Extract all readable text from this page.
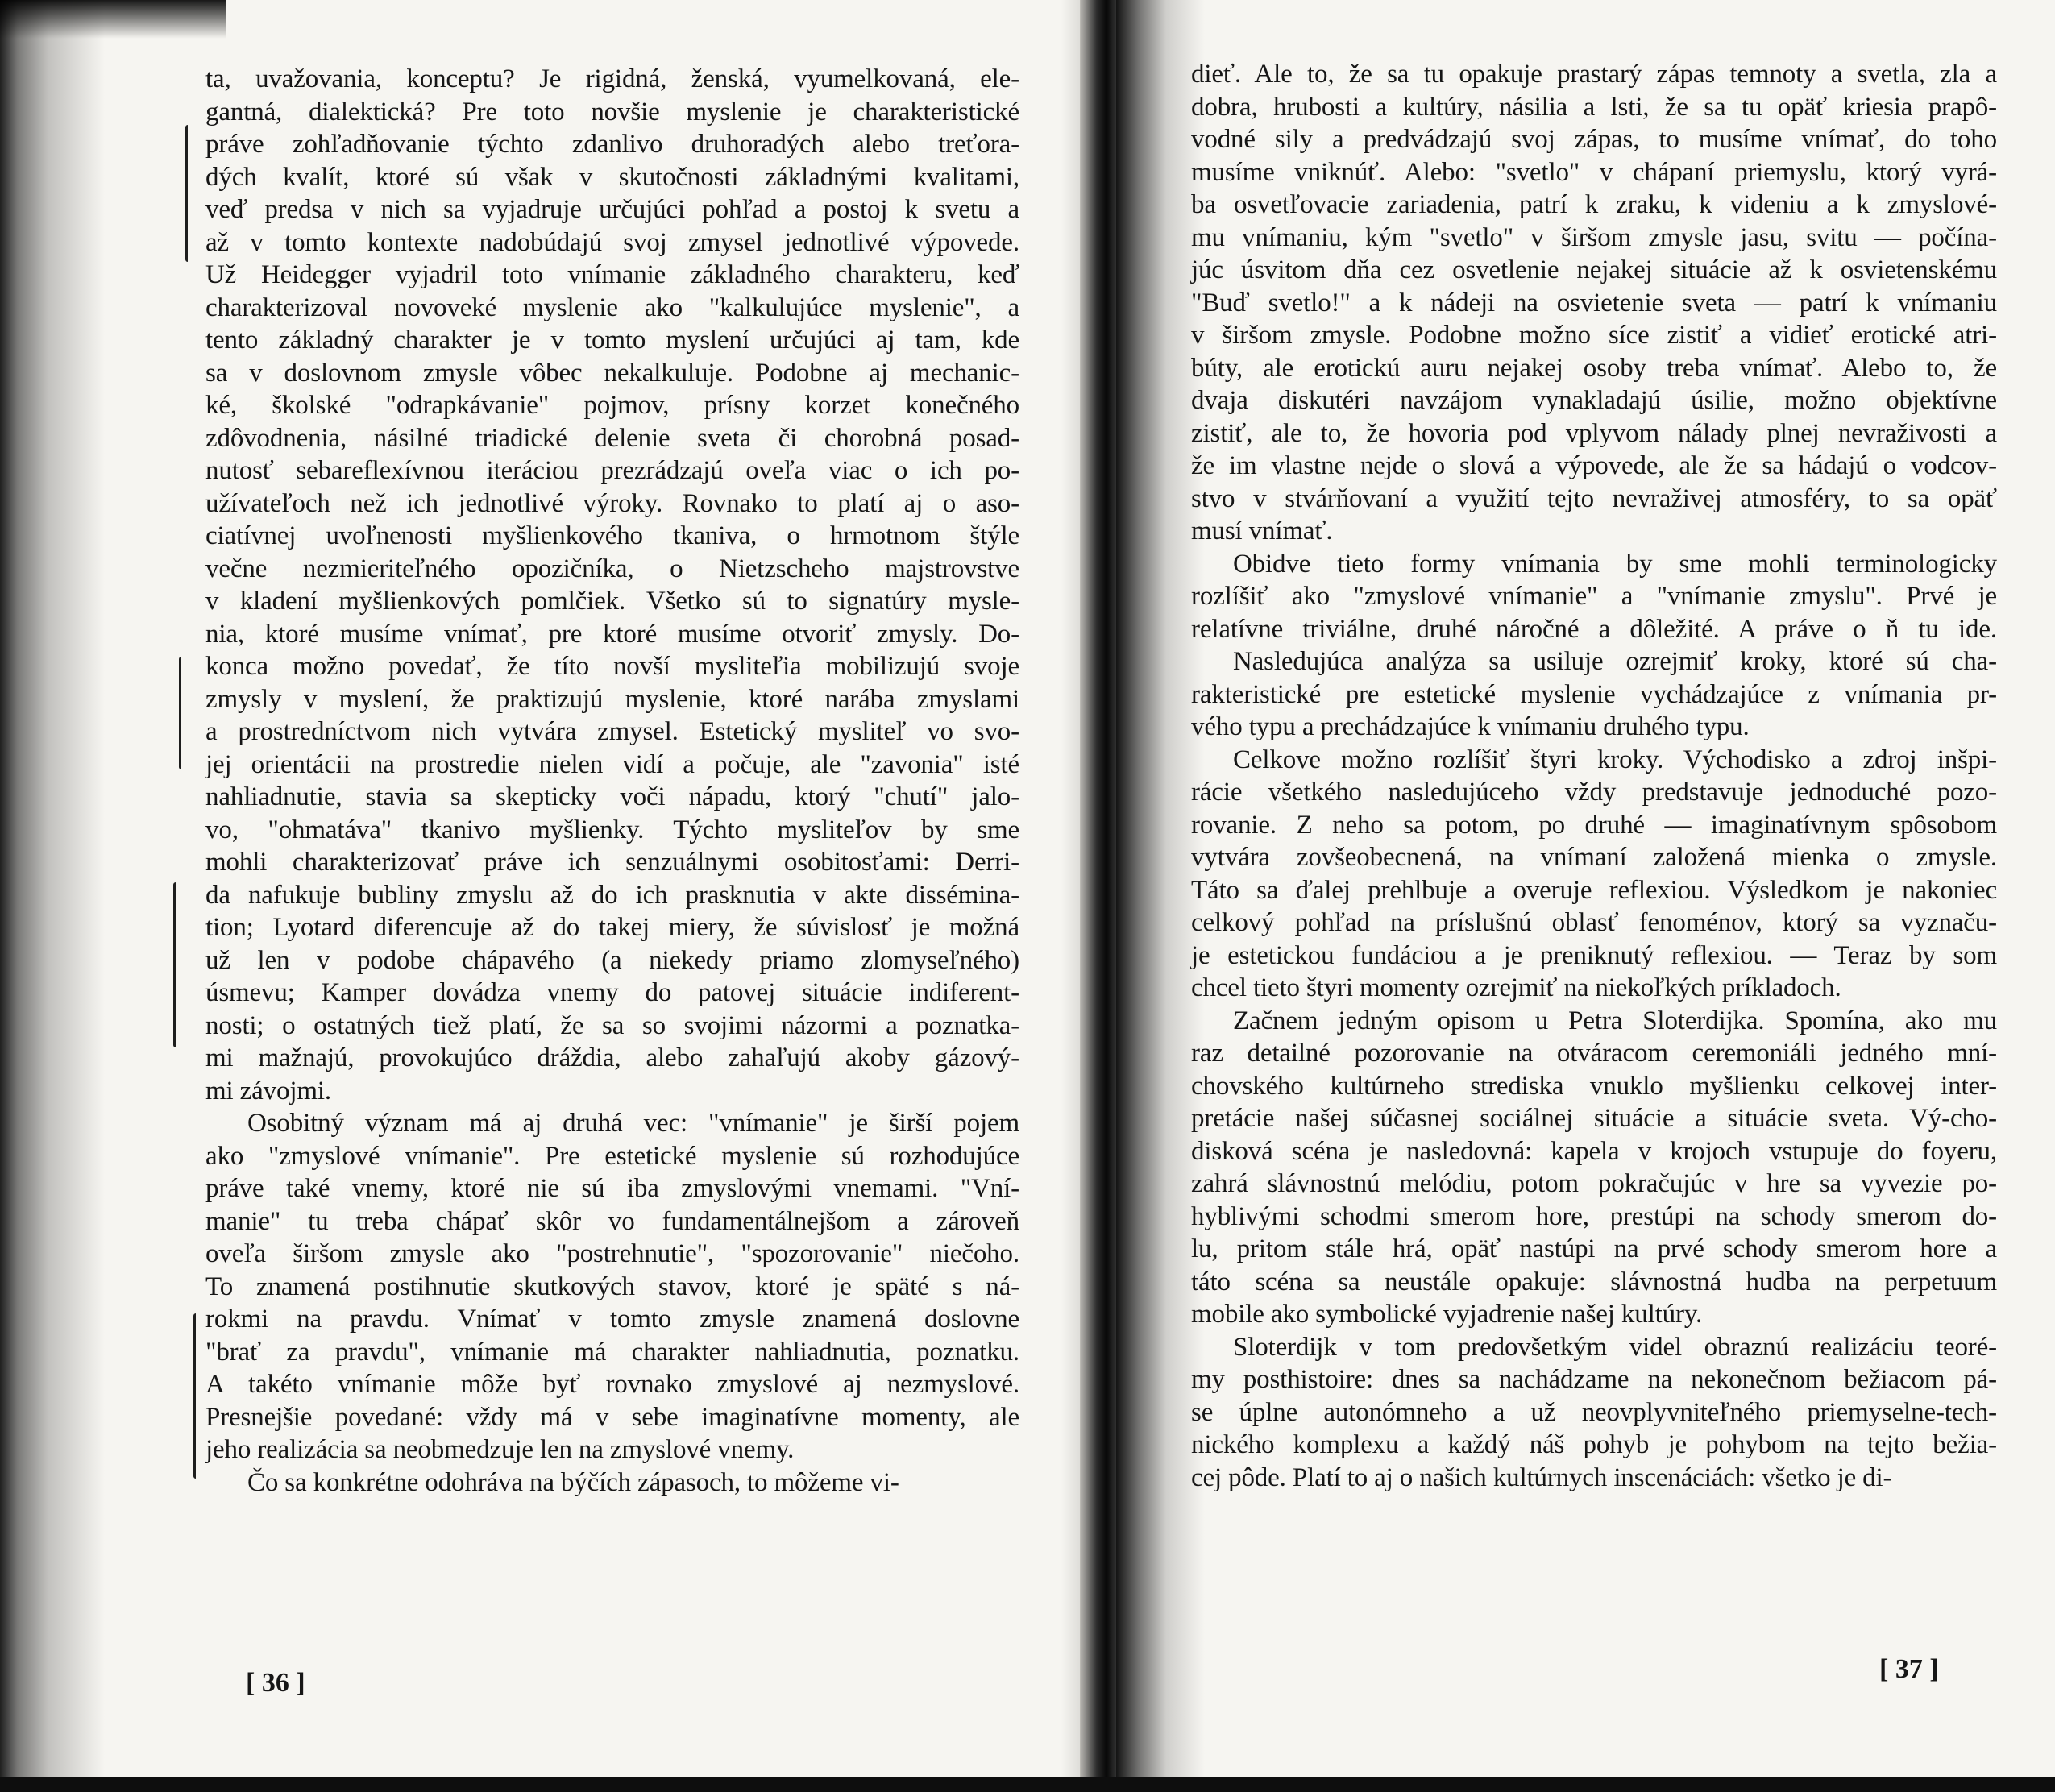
ta, uvažovania, konceptu? Je rigidná, ženská, vyumelkovaná, ele-
gantná, dialektická? Pre toto novšie myslenie je charakteristické
práve zohľadňovanie týchto zdanlivo druhoradých alebo treťora-
dých kvalít, ktoré sú však v skutočnosti základnými kvalitami,
veď predsa v nich sa vyjadruje určujúci pohľad a postoj k svetu a
až v tomto kontexte nadobúdajú svoj zmysel jednotlivé výpovede.
Už Heidegger vyjadril toto vnímanie základného charakteru, keď
charakterizoval novoveké myslenie ako "kalkulujúce myslenie", a
tento základný charakter je v tomto myslení určujúci aj tam, kde
sa v doslovnom zmysle vôbec nekalkuluje. Podobne aj mechanic-
ké, školské "odrapkávanie" pojmov, prísny korzet konečného
zdôvodnenia, násilné triadické delenie sveta či chorobná posad-
nutosť sebareflexívnou iteráciou prezrádzajú oveľa viac o ich po-
užívateľoch než ich jednotlivé výroky. Rovnako to platí aj o aso-
ciatívnej uvoľnenosti myšlienkového tkaniva, o hrmotnom štýle
večne nezmieriteľného opozičníka, o Nietzscheho majstrovstve
v kladení myšlienkových pomlčiek. Všetko sú to signatúry mysle-
nia, ktoré musíme vnímať, pre ktoré musíme otvoriť zmysly. Do-
konca možno povedať, že títo novší mysliteľia mobilizujú svoje
zmysly v myslení, že praktizujú myslenie, ktoré narába zmyslami
a prostredníctvom nich vytvára zmysel. Estetický mysliteľ vo svo-
jej orientácii na prostredie nielen vidí a počuje, ale "zavonia" isté
nahliadnutie, stavia sa skepticky voči nápadu, ktorý "chutí" jalo-
vo, "ohmatáva" tkanivo myšlienky. Týchto mysliteľov by sme
mohli charakterizovať práve ich senzuálnymi osobitosťami: Derri-
da nafukuje bubliny zmyslu až do ich prasknutia v akte dissémina-
tion; Lyotard diferencuje až do takej miery, že súvislosť je možná
už len v podobe chápavého (a niekedy priamo zlomyseľného)
úsmevu; Kamper dovádza vnemy do patovej situácie indiferent-
nosti; o ostatných tiež platí, že sa so svojimi názormi a poznatka-
mi mažnajú, provokujúco dráždia, alebo zahaľujú akoby gázový-
mi závojmi.
Osobitný význam má aj druhá vec: "vnímanie" je širší pojem
ako "zmyslové vnímanie". Pre estetické myslenie sú rozhodujúce
práve také vnemy, ktoré nie sú iba zmyslovými vnemami. "Vní-
manie" tu treba chápať skôr vo fundamentálnejšom a zároveň
oveľa širšom zmysle ako "postrehnutie", "spozorovanie" niečoho.
To znamená postihnutie skutkových stavov, ktoré je späté s ná-
rokmi na pravdu. Vnímať v tomto zmysle znamená doslovne
"brať za pravdu", vnímanie má charakter nahliadnutia, poznatku.
A takéto vnímanie môže byť rovnako zmyslové aj nezmyslové.
Presnejšie povedané: vždy má v sebe imaginatívne momenty, ale
jeho realizácia sa neobmedzuje len na zmyslové vnemy.
Čo sa konkrétne odohráva na býčích zápasoch, to môžeme vi-
[ 36 ]
dieť. Ale to, že sa tu opakuje prastarý zápas temnoty a svetla, zla a
dobra, hrubosti a kultúry, násilia a lsti, že sa tu opäť kriesia prapô-
vodné sily a predvádzajú svoj zápas, to musíme vnímať, do toho
musíme vniknúť. Alebo: "svetlo" v chápaní priemyslu, ktorý vyrá-
ba osvetľovacie zariadenia, patrí k zraku, k videniu a k zmyslové-
mu vnímaniu, kým "svetlo" v širšom zmysle jasu, svitu — počína-
júc úsvitom dňa cez osvetlenie nejakej situácie až k osvietenskému
"Buď svetlo!" a k nádeji na osvietenie sveta — patrí k vnímaniu
v širšom zmysle. Podobne možno síce zistiť a vidieť erotické atri-
búty, ale erotickú auru nejakej osoby treba vnímať. Alebo to, že
dvaja diskutéri navzájom vynakladajú úsilie, možno objektívne
zistiť, ale to, že hovoria pod vplyvom nálady plnej nevraživosti a
že im vlastne nejde o slová a výpovede, ale že sa hádajú o vodcov-
stvo v stvárňovaní a využití tejto nevraživej atmosféry, to sa opäť
musí vnímať.
Obidve tieto formy vnímania by sme mohli terminologicky
rozlíšiť ako "zmyslové vnímanie" a "vnímanie zmyslu". Prvé je
relatívne triviálne, druhé náročné a dôležité. A práve o ň tu ide.
Nasledujúca analýza sa usiluje ozrejmiť kroky, ktoré sú cha-
rakteristické pre estetické myslenie vychádzajúce z vnímania pr-
vého typu a prechádzajúce k vnímaniu druhého typu.
Celkove možno rozlíšiť štyri kroky. Východisko a zdroj inšpi-
rácie všetkého nasledujúceho vždy predstavuje jednoduché pozo-
rovanie. Z neho sa potom, po druhé — imaginatívnym spôsobom
vytvára zovšeobecnená, na vnímaní založená mienka o zmysle.
Táto sa ďalej prehlbuje a overuje reflexiou. Výsledkom je nakoniec
celkový pohľad na príslušnú oblasť fenoménov, ktorý sa vyznaču-
je estetickou fundáciou a je preniknutý reflexiou. — Teraz by som
chcel tieto štyri momenty ozrejmiť na niekoľkých príkladoch.
Začnem jedným opisom u Petra Sloterdijka. Spomína, ako mu
raz detailné pozorovanie na otváracom ceremoniáli jedného mní-
chovského kultúrneho strediska vnuklo myšlienku celkovej inter-
pretácie našej súčasnej sociálnej situácie a situácie sveta. Vý-cho-
disková scéna je nasledovná: kapela v krojoch vstupuje do foyeru,
zahrá slávnostnú melódiu, potom pokračujúc v hre sa vyvezie po-
hyblivými schodmi smerom hore, prestúpi na schody smerom do-
lu, pritom stále hrá, opäť nastúpi na prvé schody smerom hore a
táto scéna sa neustále opakuje: slávnostná hudba na perpetuum
mobile ako symbolické vyjadrenie našej kultúry.
Sloterdijk v tom predovšetkým videl obraznú realizáciu teoré-
my posthistoire: dnes sa nachádzame na nekonečnom bežiacom pá-
se úplne autonómneho a už neovplyvniteľného priemyselne-tech-
nického komplexu a každý náš pohyb je pohybom na tejto bežia-
cej pôde. Platí to aj o našich kultúrnych inscenáciách: všetko je di-
[ 37 ]
